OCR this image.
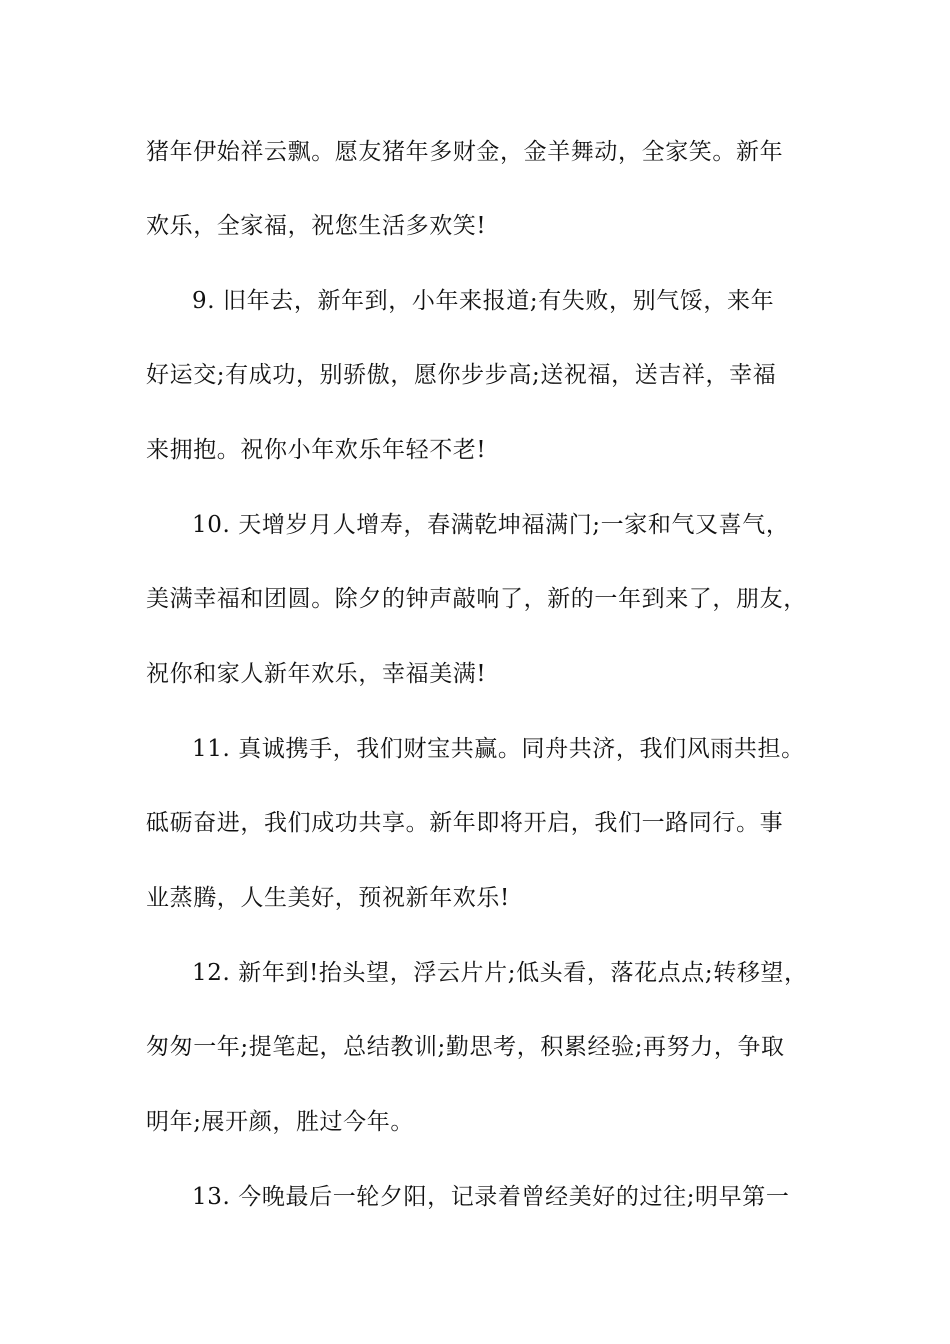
猪年伊始祥云飘。愿友猪年多财金，金羊舞动，全家笑。新年
欢乐，全家福，祝您生活多欢笑!
9. 旧年去，新年到，小年来报道;有失败，别气馁，来年
好运交;有成功，别骄傲，愿你步步高;送祝福，送吉祥，幸福
来拥抱。祝你小年欢乐年轻不老!
10. 天增岁月人增寿，春满乾坤福满门;一家和气又喜气，
美满幸福和团圆。除夕的钟声敲响了，新的一年到来了，朋友，
祝你和家人新年欢乐，幸福美满!
11. 真诚携手，我们财宝共赢。同舟共济，我们风雨共担。
砥砺奋进，我们成功共享。新年即将开启，我们一路同行。事
业蒸腾，人生美好，预祝新年欢乐!
12. 新年到!抬头望，浮云片片;低头看，落花点点;转移望，
匆匆一年;提笔起，总结教训;勤思考，积累经验;再努力，争取
明年;展开颜，胜过今年。
13. 今晚最后一轮夕阳，记录着曾经美好的过往;明早第一
